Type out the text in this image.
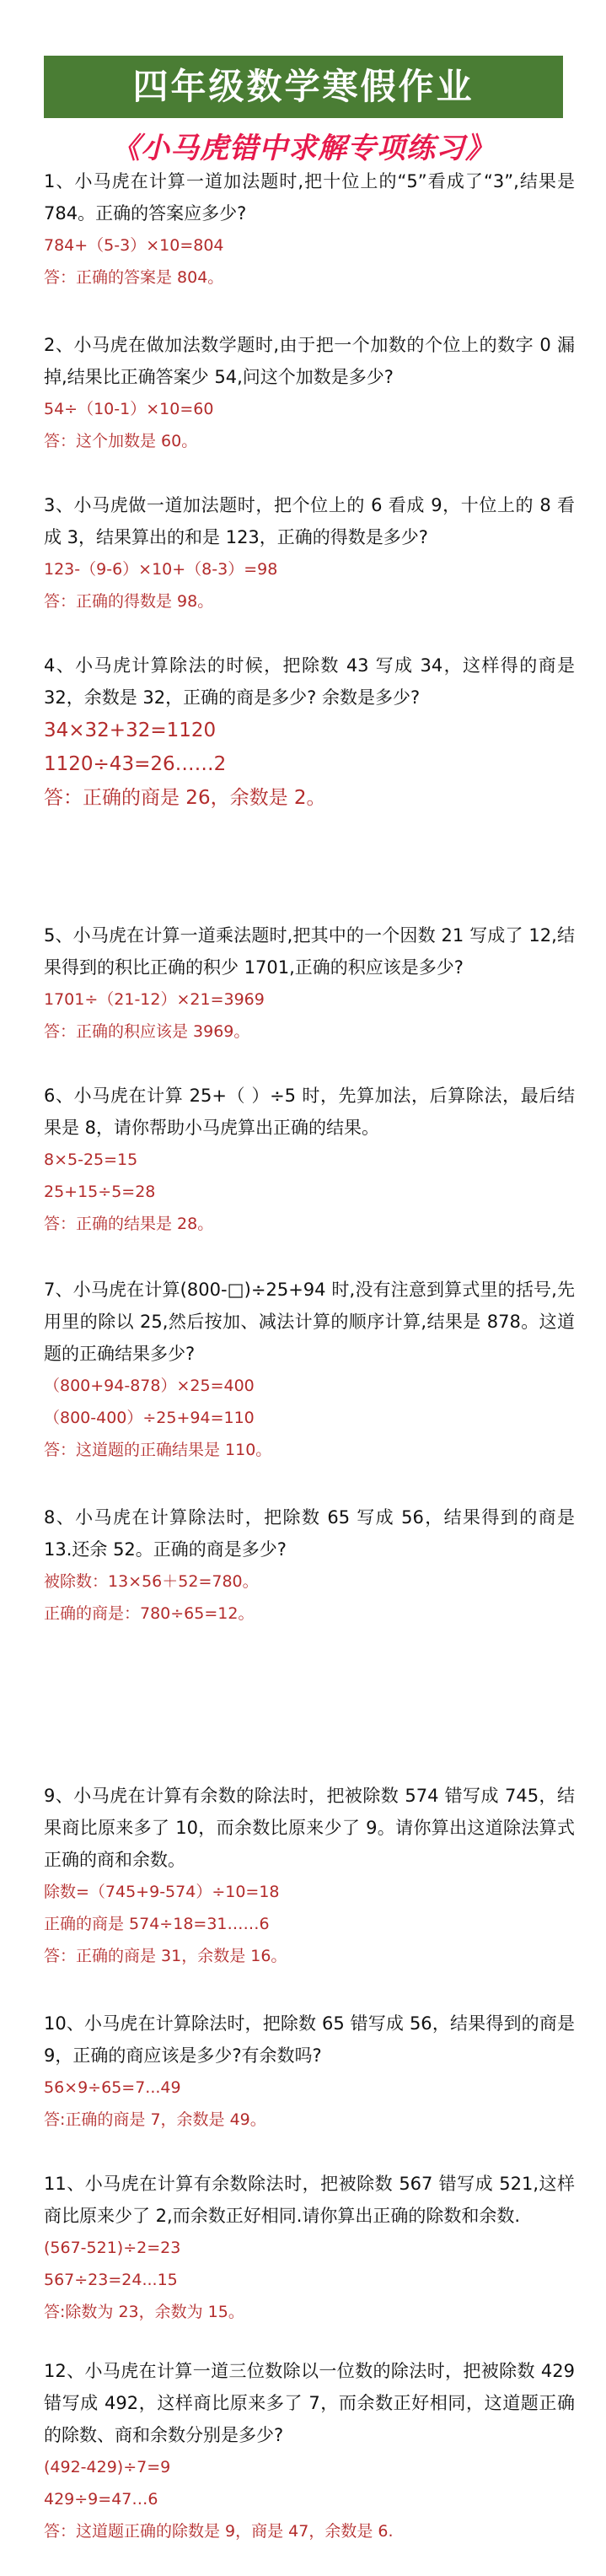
四年级数学寒假作业
《小马虎错中求解专项练习》

1、小马虎在计算一道加法题时,把十位上的“5”看成了“3”,结果是 784。正确的答案应多少?

784+（5-3）×10=804

答：正确的答案是 804。

2、小马虎在做加法数学题时,由于把一个加数的个位上的数字 0 漏掉,结果比正确答案少 54,问这个加数是多少?

54÷（10-1）×10=60

答：这个加数是 60。

3、小马虎做一道加法题时，把个位上的 6 看成 9，十位上的 8 看成 3，结果算出的和是 123，正确的得数是多少?

123-（9-6）×10+（8-3）=98

答：正确的得数是 98。

4、小马虎计算除法的时候，把除数 43 写成 34，这样得的商是 32，余数是 32，正确的商是多少? 余数是多少?

34×32+32=1120

1120÷43=26……2

答：正确的商是 26，余数是 2。

5、小马虎在计算一道乘法题时,把其中的一个因数 21 写成了 12,结果得到的积比正确的积少 1701,正确的积应该是多少?

1701÷（21-12）×21=3969

答：正确的积应该是 3969。

6、小马虎在计算 25+（ ）÷5 时，先算加法，后算除法，最后结果是 8，请你帮助小马虎算出正确的结果。

8×5-25=15

25+15÷5=28

答：正确的结果是 28。

7、小马虎在计算(800-□)÷25+94 时,没有注意到算式里的括号,先用里的除以 25,然后按加、减法计算的顺序计算,结果是 878。这道题的正确结果多少?

（800+94-878）×25=400

（800-400）÷25+94=110

答：这道题的正确结果是 110。

8、小马虎在计算除法时，把除数 65 写成 56，结果得到的商是 13.还余 52。正确的商是多少?

被除数：13×56＋52=780。

正确的商是：780÷65=12。

9、小马虎在计算有余数的除法时，把被除数 574 错写成 745，结果商比原来多了 10，而余数比原来少了 9。请你算出这道除法算式正确的商和余数。

除数=（745+9-574）÷10=18

正确的商是 574÷18=31……6

答：正确的商是 31，余数是 16。

10、小马虎在计算除法时，把除数 65 错写成 56，结果得到的商是 9，正确的商应该是多少?有余数吗?

56×9÷65=7...49

答:正确的商是 7，余数是 49。

11、小马虎在计算有余数除法时，把被除数 567 错写成 521,这样商比原来少了 2,而余数正好相同.请你算出正确的除数和余数.

(567-521)÷2=23

567÷23=24...15

答:除数为 23，余数为 15。

12、小马虎在计算一道三位数除以一位数的除法时，把被除数 429 错写成 492，这样商比原来多了 7，而余数正好相同，这道题正确的除数、商和余数分别是多少?

(492-429)÷7=9

429÷9=47…6

答：这道题正确的除数是 9，商是 47，余数是 6.
